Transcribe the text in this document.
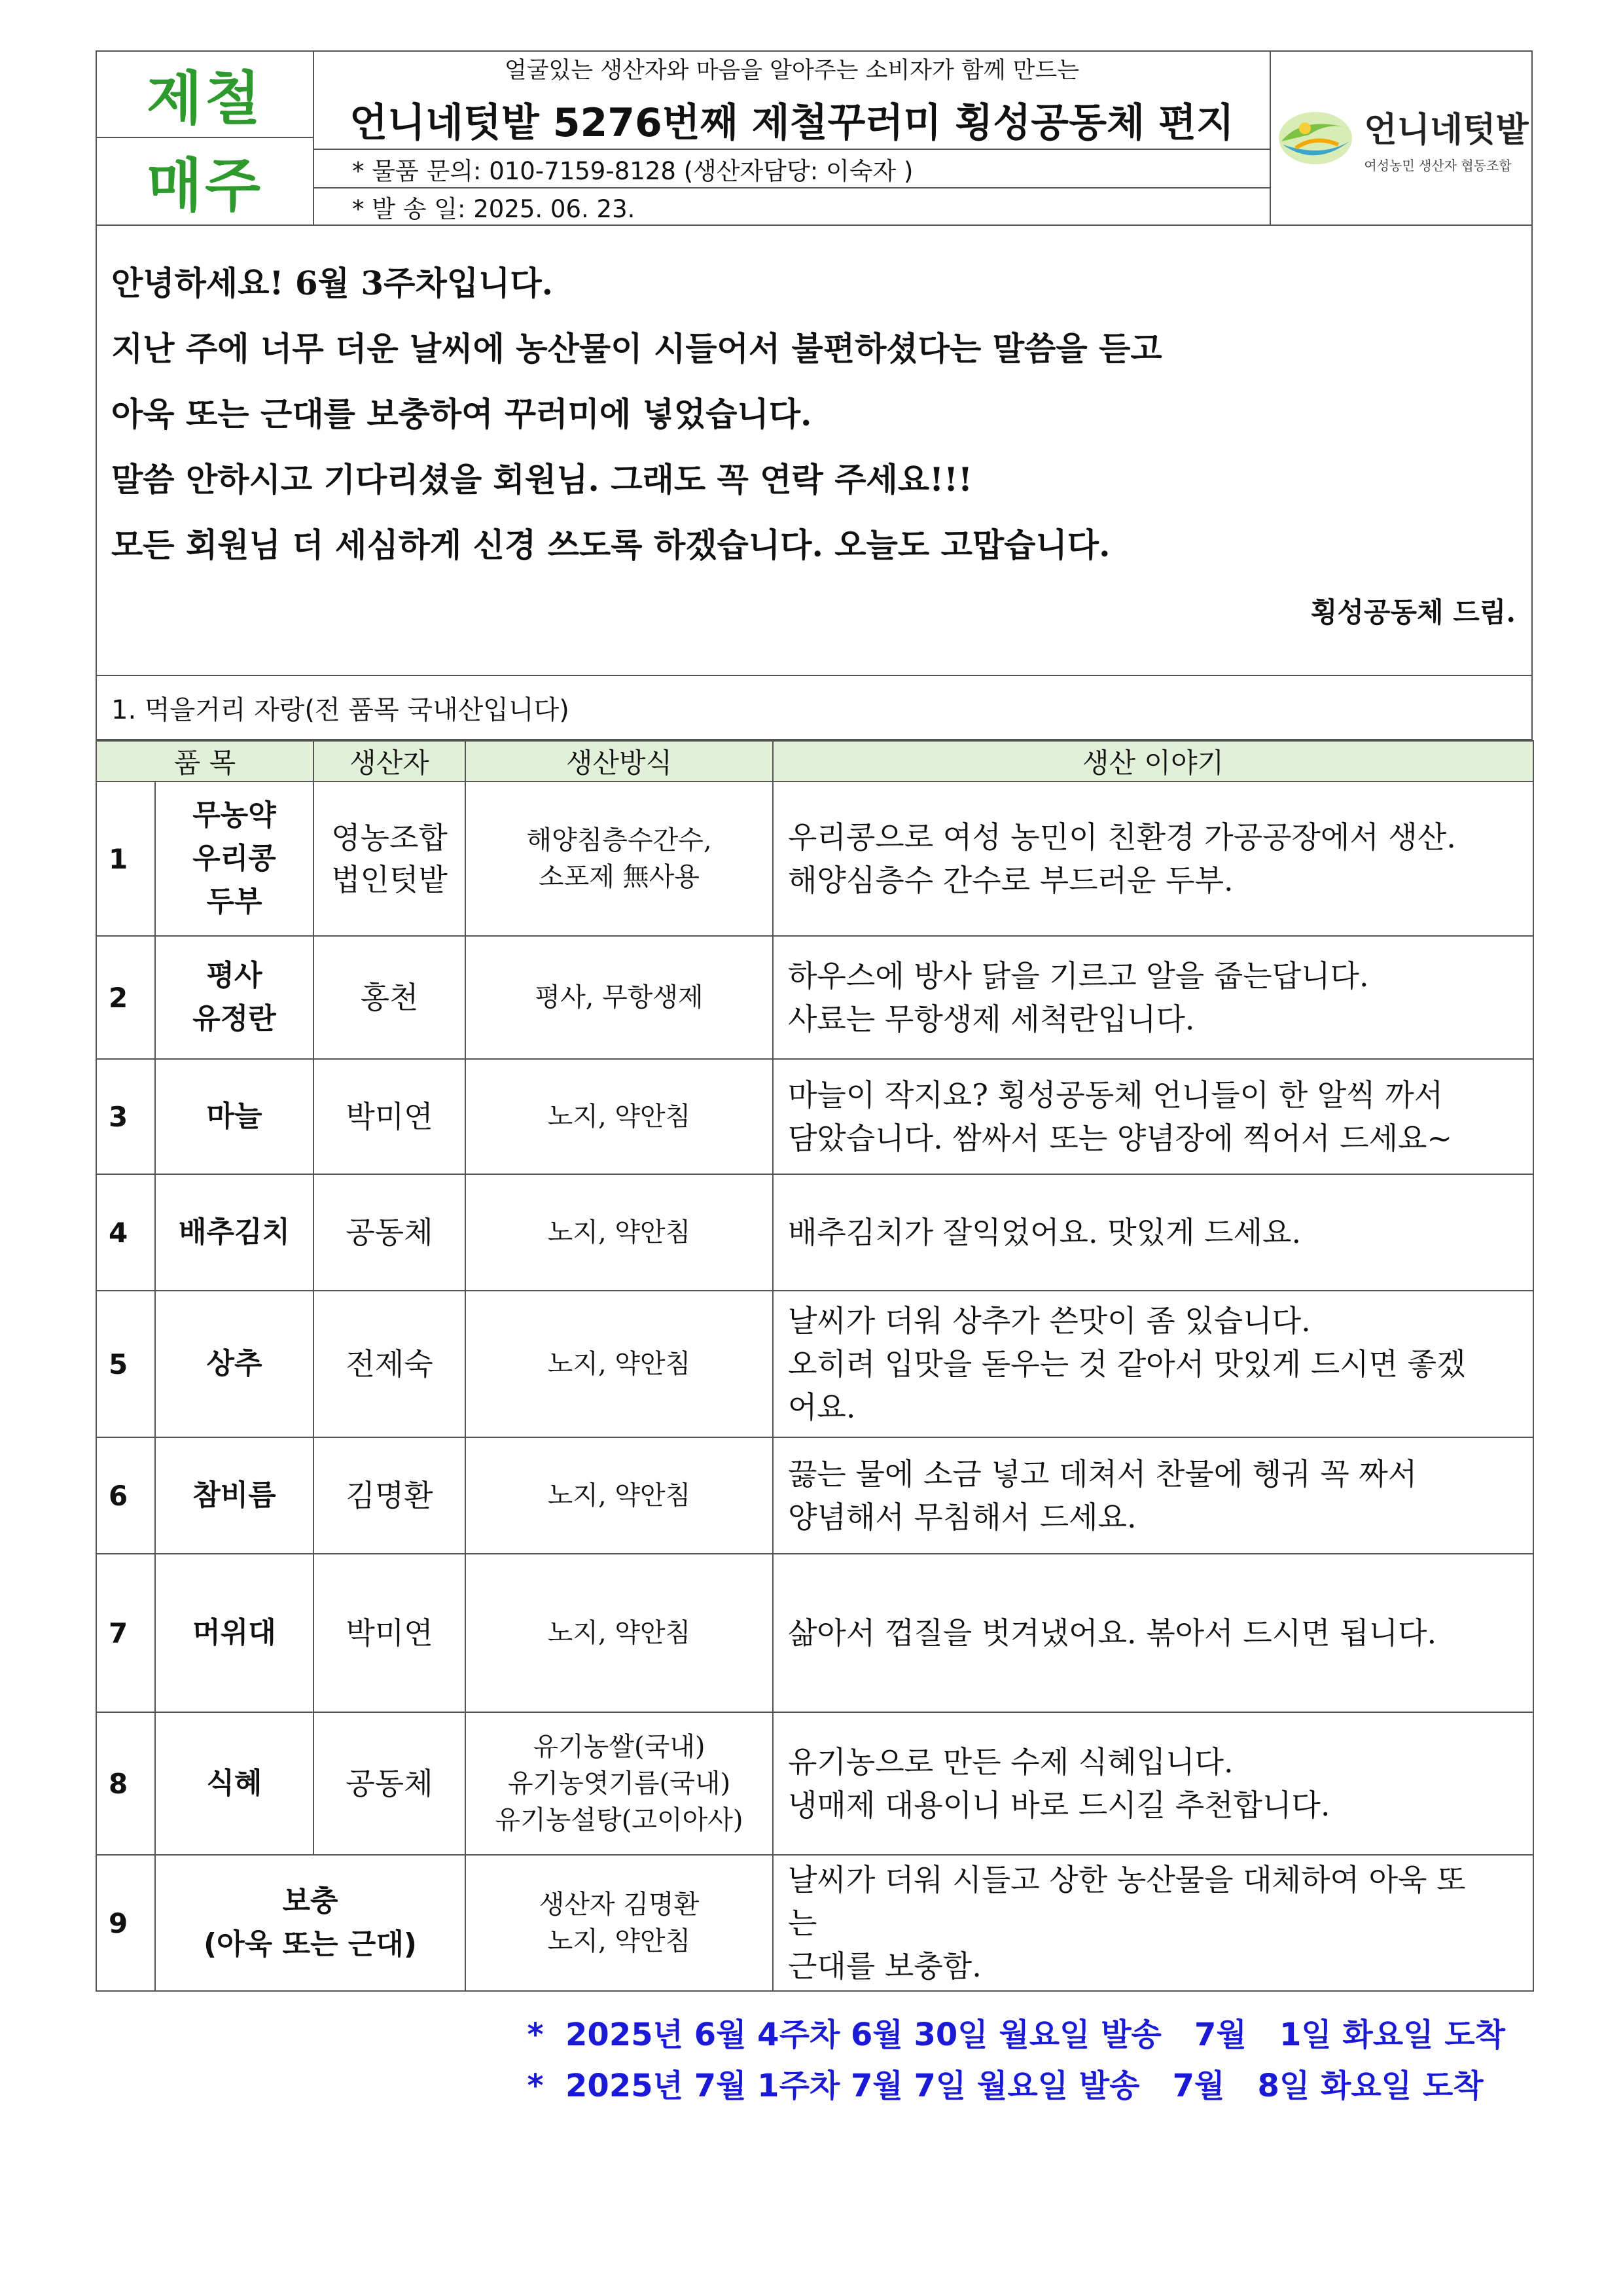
제철
매주
얼굴있는 생산자와 마음을 알아주는 소비자가 함께 만드는
언니네텃밭 5276번째 제철꾸러미 횡성공동체 편지
* 물품 문의: 010-7159-8128 (생산자담당: 이숙자 )
* 발 송 일: 2025. 06. 23.
언니네텃밭
여성농민 생산자 협동조합

안녕하세요! 6월 3주차입니다.

지난 주에 너무 더운 날씨에 농산물이 시들어서 불편하셨다는 말씀을 듣고

아욱 또는 근대를 보충하여 꾸러미에 넣었습니다.

말씀 안하시고 기다리셨을 회원님. 그래도 꼭 연락 주세요!!!

모든 회원님 더 세심하게 신경 쓰도록 하겠습니다. 오늘도 고맙습니다.

횡성공동체 드림.

1. 먹을거리 자랑(전 품목 국내산입니다)
품 목		생산자	생산방식	생산 이야기
1	무농약
우리콩
두부	영농조합
법인텃밭	해양침층수간수,
소포제 無사용	우리콩으로 여성 농민이 친환경 가공공장에서 생산.
해양심층수 간수로 부드러운 두부.
2	평사
유정란	홍천	평사, 무항생제	하우스에 방사 닭을 기르고 알을 줍는답니다.
사료는 무항생제 세척란입니다.
3	마늘	박미연	노지, 약안침	마늘이 작지요? 횡성공동체 언니들이 한 알씩 까서
담았습니다. 쌈싸서 또는 양념장에 찍어서 드세요~
4	배추김치	공동체	노지, 약안침	배추김치가 잘익었어요. 맛있게 드세요.
5	상추	전제숙	노지, 약안침	날씨가 더워 상추가 쓴맛이 좀 있습니다.
오히려 입맛을 돋우는 것 같아서 맛있게 드시면 좋겠
어요.
6	참비름	김명환	노지, 약안침	끓는 물에 소금 넣고 데쳐서 찬물에 헹궈 꼭 짜서
양념해서 무침해서 드세요.
7	머위대	박미연	노지, 약안침	삶아서 껍질을 벗겨냈어요. 볶아서 드시면 됩니다.
8	식혜	공동체	유기농쌀(국내)
유기농엿기름(국내)
유기농설탕(고이아사)	유기농으로 만든 수제 식혜입니다.
냉매제 대용이니 바로 드시길 추천합니다.
9	보충
(아욱 또는 근대)		생산자 김명환
노지, 약안침	날씨가 더워 시들고 상한 농산물을 대체하여 아욱 또
는
근대를 보충함.
*  2025년 6월 4주차 6월 30일 월요일 발송   7월   1일 화요일 도착
*  2025년 7월 1주차 7월 7일 월요일 발송   7월   8일 화요일 도착
